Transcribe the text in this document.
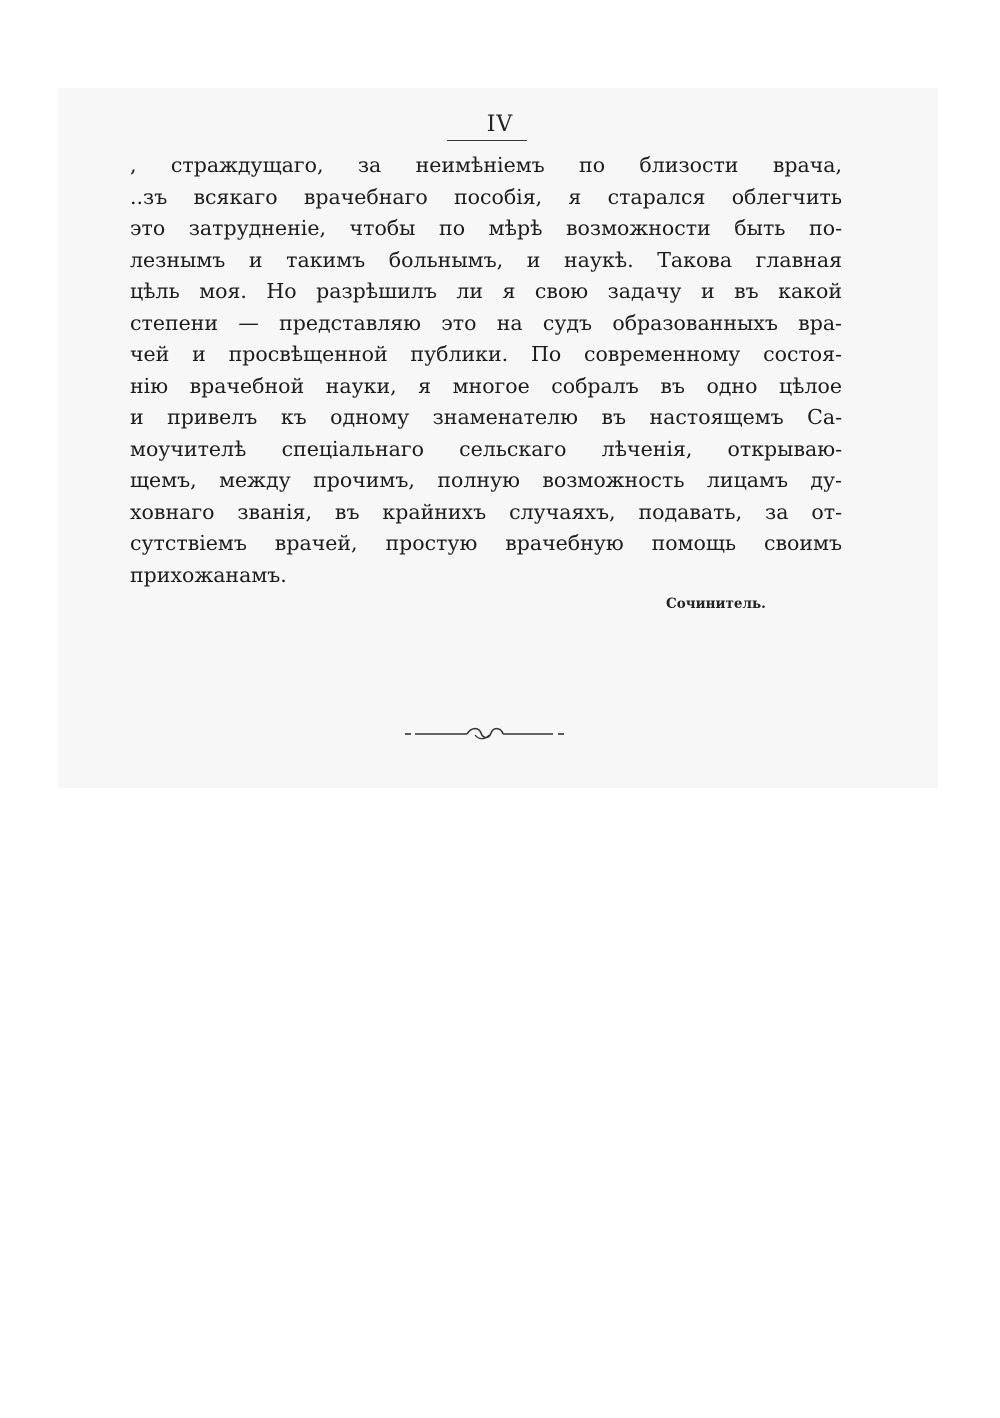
IV

, страждущаго, за неимѣніемъ по близости врача,
..зъ всякаго врачебнаго пособія, я старался облегчить
это затрудненіе, чтобы по мѣрѣ возможности быть по-
лезнымъ и такимъ больнымъ, и наукѣ. Такова главная
цѣль моя. Но разрѣшилъ ли я свою задачу и въ какой
степени — представляю это на судъ образованныхъ вра-
чей и просвѣщенной публики. По современному состоя-
нію врачебной науки, я многое собралъ въ одно цѣлое
и привелъ къ одному знаменателю въ настоящемъ Са-
моучителѣ спеціальнаго сельскаго лѣченія, открываю-
щемъ, между прочимъ, полную возможность лицамъ ду-
ховнаго званія, въ крайнихъ случаяхъ, подавать, за от-
сутствіемъ врачей, простую врачебную помощь своимъ
прихожанамъ.

Сочинитель.
